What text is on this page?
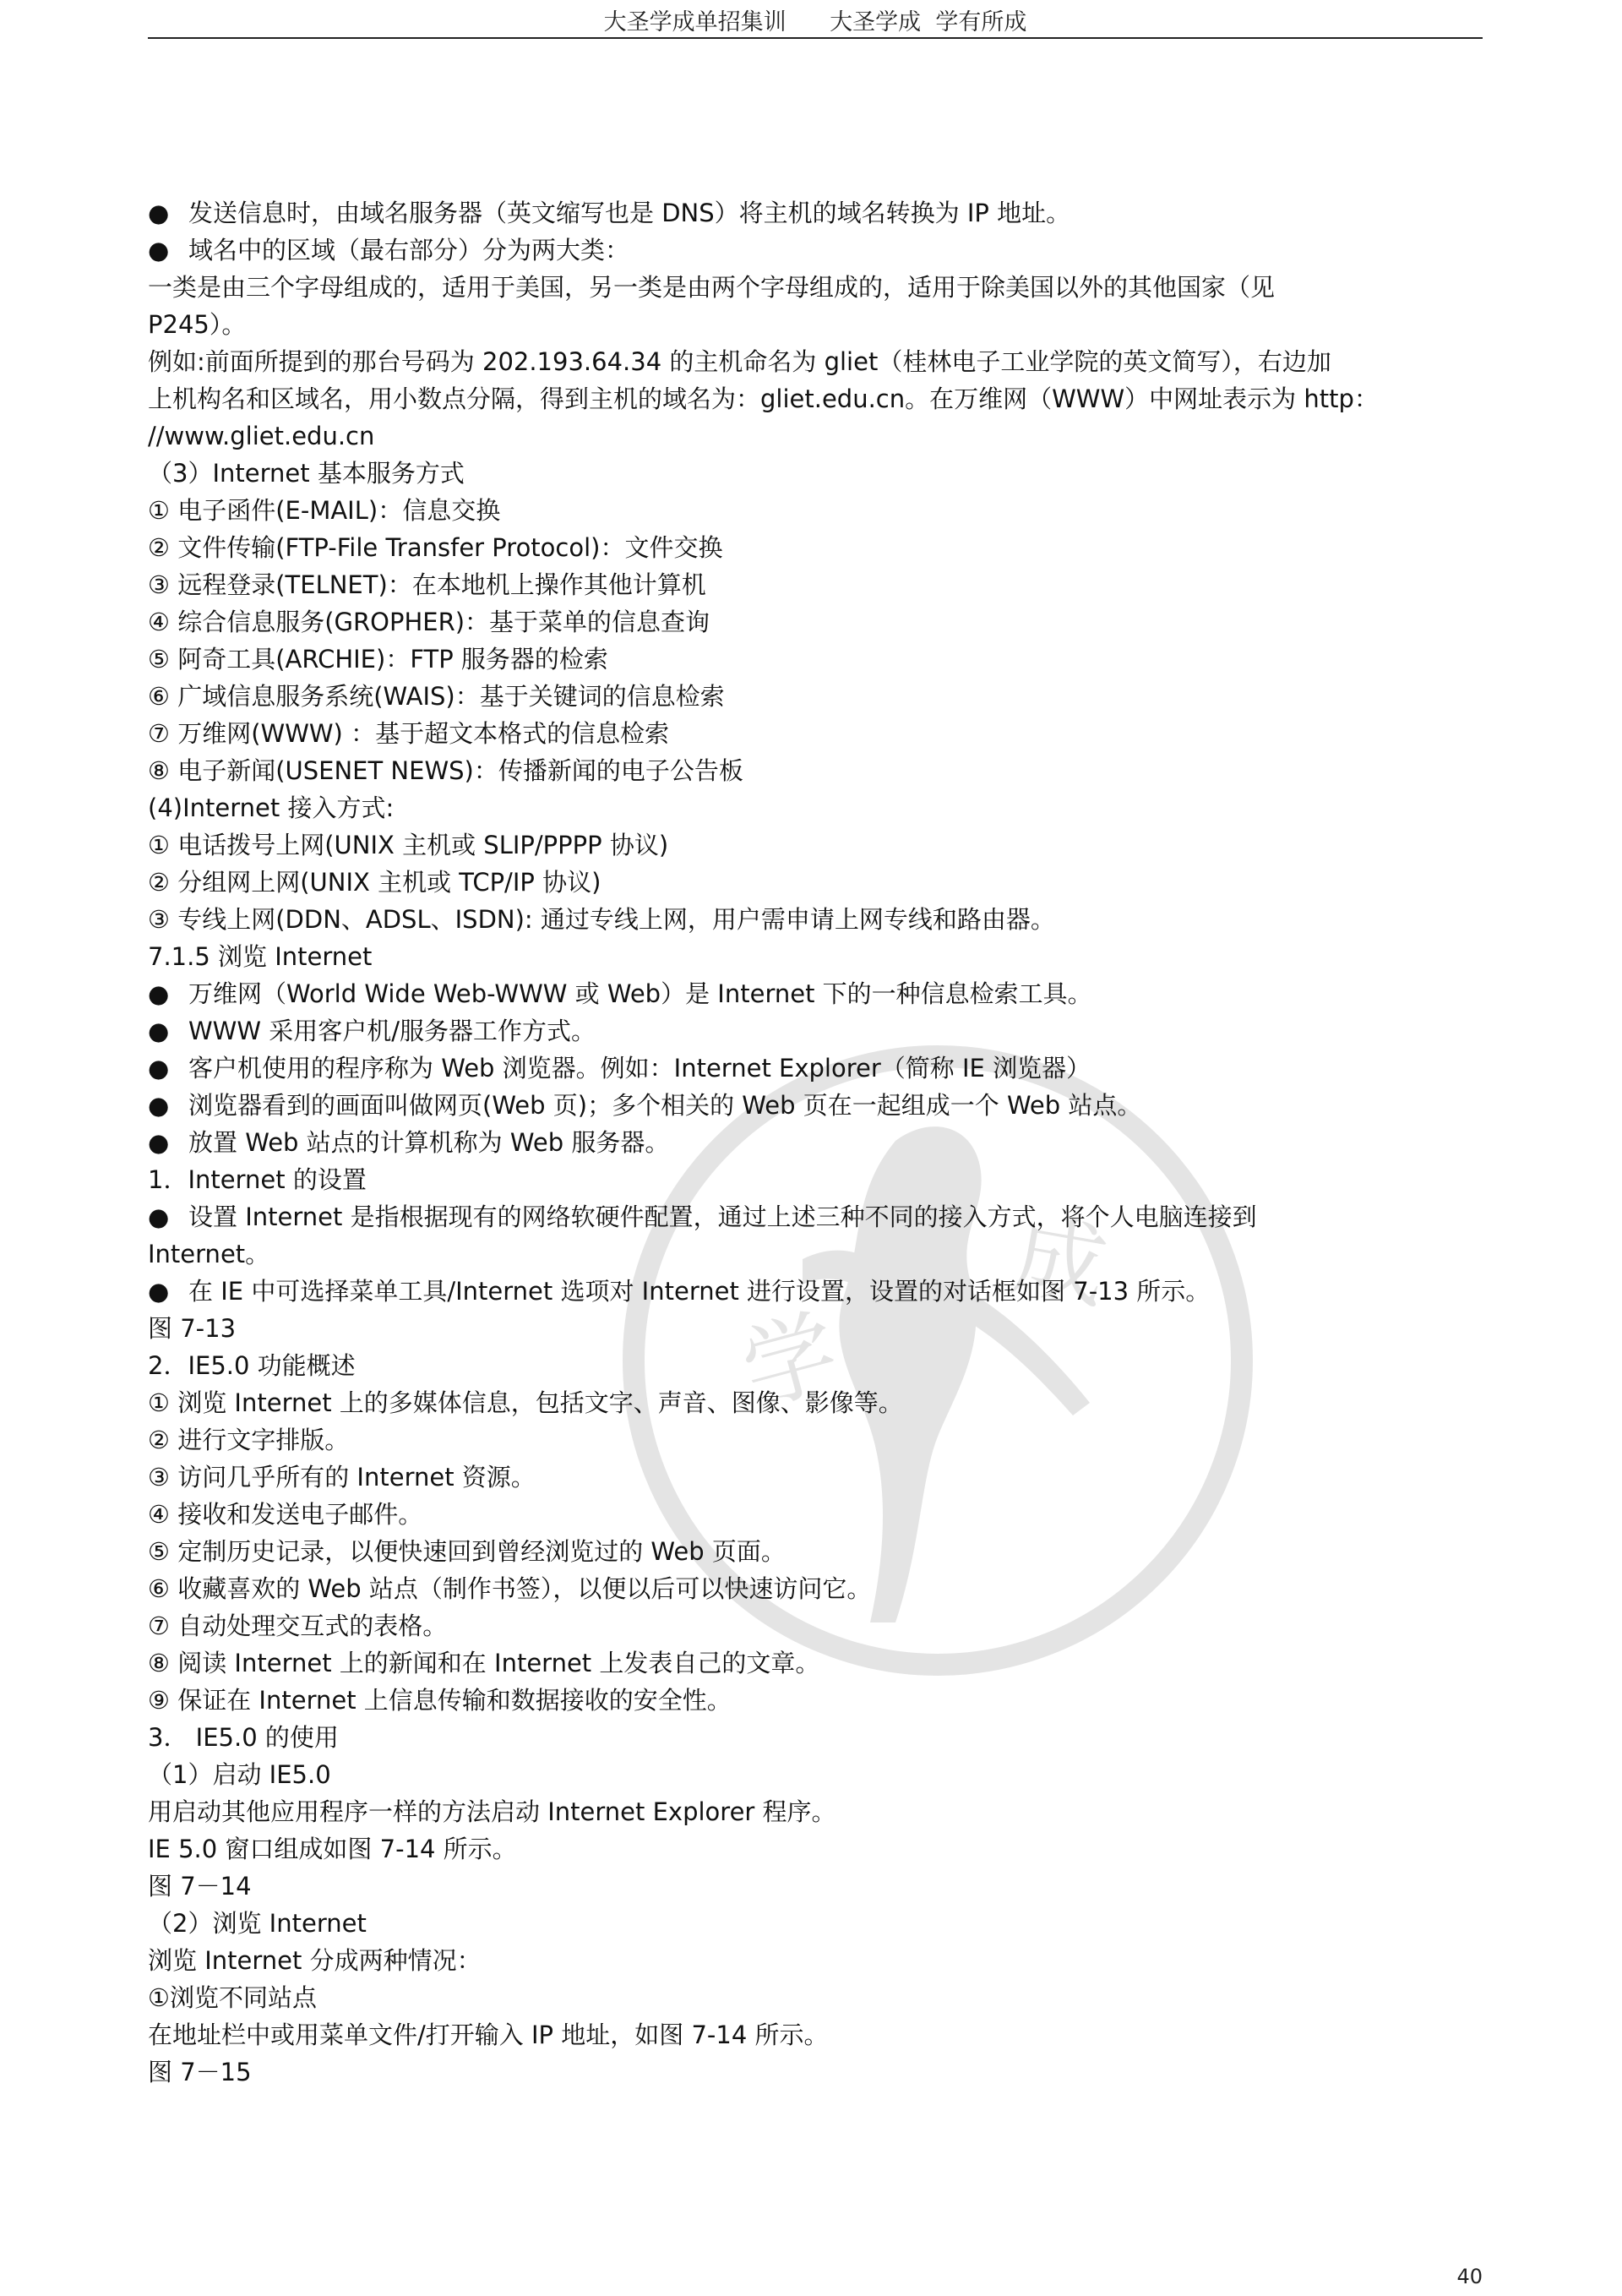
大圣学成单招集训      大圣学成  学有所成
学
成
● 发送信息时，由域名服务器（英文缩写也是 DNS）将主机的域名转换为 IP 地址。
● 域名中的区域（最右部分）分为两大类：
一类是由三个字母组成的，适用于美国，另一类是由两个字母组成的，适用于除美国以外的其他国家（见
P245）。
例如:前面所提到的那台号码为 202.193.64.34 的主机命名为 gliet（桂林电子工业学院的英文简写），右边加
上机构名和区域名，用小数点分隔，得到主机的域名为：gliet.edu.cn。在万维网（WWW）中网址表示为 http：
//www.gliet.edu.cn
（3）Internet 基本服务方式
① 电子函件(E-MAIL)：信息交换
② 文件传输(FTP-File Transfer Protocol)：文件交换
③ 远程登录(TELNET)：在本地机上操作其他计算机
④ 综合信息服务(GROPHER)：基于菜单的信息查询
⑤ 阿奇工具(ARCHIE)：FTP 服务器的检索
⑥ 广域信息服务系统(WAIS)：基于关键词的信息检索
⑦ 万维网(WWW) ：基于超文本格式的信息检索
⑧ 电子新闻(USENET NEWS)：传播新闻的电子公告板
(4)Internet 接入方式:
① 电话拨号上网(UNIX 主机或 SLIP/PPPP 协议)
② 分组网上网(UNIX 主机或 TCP/IP 协议)
③ 专线上网(DDN、ADSL、ISDN): 通过专线上网，用户需申请上网专线和路由器。
7.1.5 浏览 Internet
● 万维网（World Wide Web-WWW 或 Web）是 Internet 下的一种信息检索工具。
● WWW 采用客户机/服务器工作方式。
● 客户机使用的程序称为 Web 浏览器。例如：Internet Explorer（简称 IE 浏览器）
● 浏览器看到的画面叫做网页(Web 页)；多个相关的 Web 页在一起组成一个 Web 站点。
● 放置 Web 站点的计算机称为 Web 服务器。
1．Internet 的设置
● 设置 Internet 是指根据现有的网络软硬件配置，通过上述三种不同的接入方式，将个人电脑连接到
Internet。
● 在 IE 中可选择菜单工具/Internet 选项对 Internet 进行设置，设置的对话框如图 7-13 所示。
图 7-13
2．IE5.0 功能概述
① 浏览 Internet 上的多媒体信息，包括文字、声音、图像、影像等。
② 进行文字排版。
③ 访问几乎所有的 Internet 资源。
④ 接收和发送电子邮件。
⑤ 定制历史记录，以便快速回到曾经浏览过的 Web 页面。
⑥ 收藏喜欢的 Web 站点（制作书签），以便以后可以快速访问它。
⑦ 自动处理交互式的表格。
⑧ 阅读 Internet 上的新闻和在 Internet 上发表自己的文章。
⑨ 保证在 Internet 上信息传输和数据接收的安全性。
3． IE5.0 的使用
（1）启动 IE5.0
用启动其他应用程序一样的方法启动 Internet Explorer 程序。
IE 5.0 窗口组成如图 7-14 所示。
图 7－14
（2）浏览 Internet
浏览 Internet 分成两种情况：
①浏览不同站点
在地址栏中或用菜单文件/打开输入 IP 地址，如图 7-14 所示。
图 7－15
40
